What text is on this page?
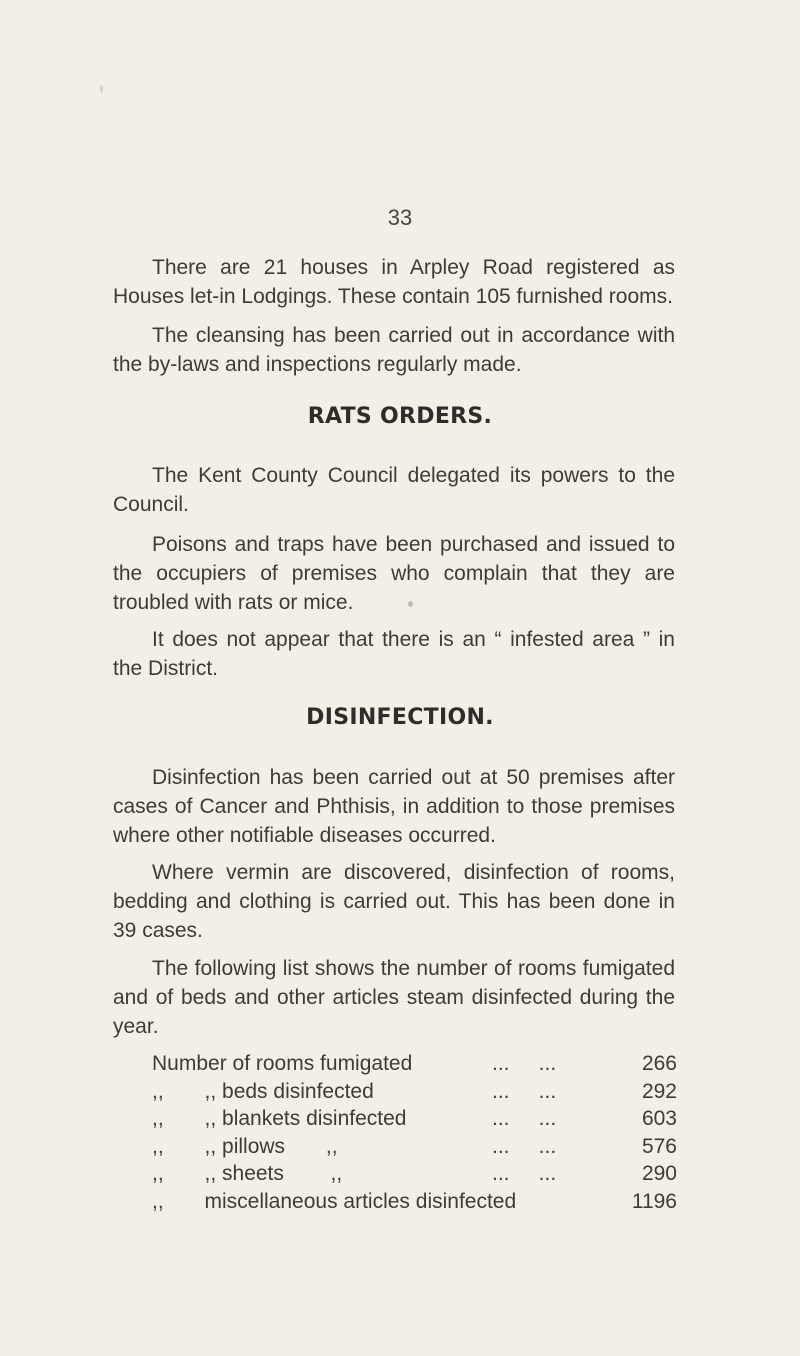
33
There are 21 houses in Arpley Road registered as Houses let-in Lodgings. These contain 105 furnished rooms.
The cleansing has been carried out in accordance with the by-laws and inspections regularly made.
RATS ORDERS.
The Kent County Council delegated its powers to the Council.
Poisons and traps have been purchased and issued to the occupiers of premises who complain that they are troubled with rats or mice.
It does not appear that there is an “ infested area ” in the District.
DISINFECTION.
Disinfection has been carried out at 50 premises after cases of Cancer and Phthisis, in addition to those premises where other notifiable diseases occurred.
Where vermin are discovered, disinfection of rooms, bedding and clothing is carried out. This has been done in 39 cases.
The following list shows the number of rooms fumigated and of beds and other articles steam disinfected during the year.
Number of rooms fumigated	...     ...	266
,,       ,, beds disinfected	...     ...	292
,,       ,, blankets disinfected	...     ...	603
,,       ,, pillows       ,,	...     ...	576
,,       ,, sheets        ,,	...     ...	290
,,       miscellaneous articles disinfected	1196
